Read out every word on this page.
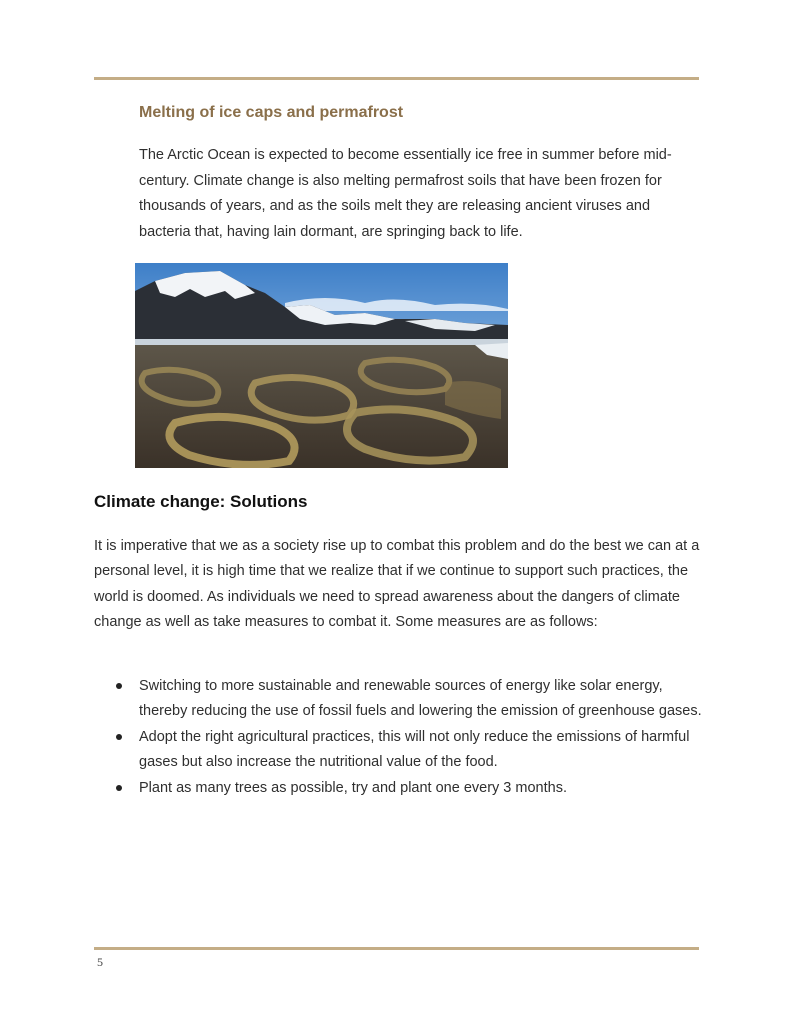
Melting of ice caps and permafrost

The Arctic Ocean is expected to become essentially ice free in summer before mid-century. Climate change is also melting permafrost soils that have been frozen for thousands of years, and as the soils melt they are releasing ancient viruses and bacteria that, having lain dormant, are springing back to life.

Climate change: Solutions

It is imperative that we as a society rise up to combat this problem and do the best we can at a personal level, it is high time that we realize that if we continue to support such practices, the world is doomed. As individuals we need to spread awareness about the dangers of climate change as well as take measures to combat it. Some measures are as follows:

Switching to more sustainable and renewable sources of energy like solar energy, thereby reducing the use of fossil fuels and lowering the emission of greenhouse gases.
Adopt the right agricultural practices, this will not only reduce the emissions of harmful gases but also increase the nutritional value of the food.
Plant as many trees as possible, try and plant one every 3 months.
5
